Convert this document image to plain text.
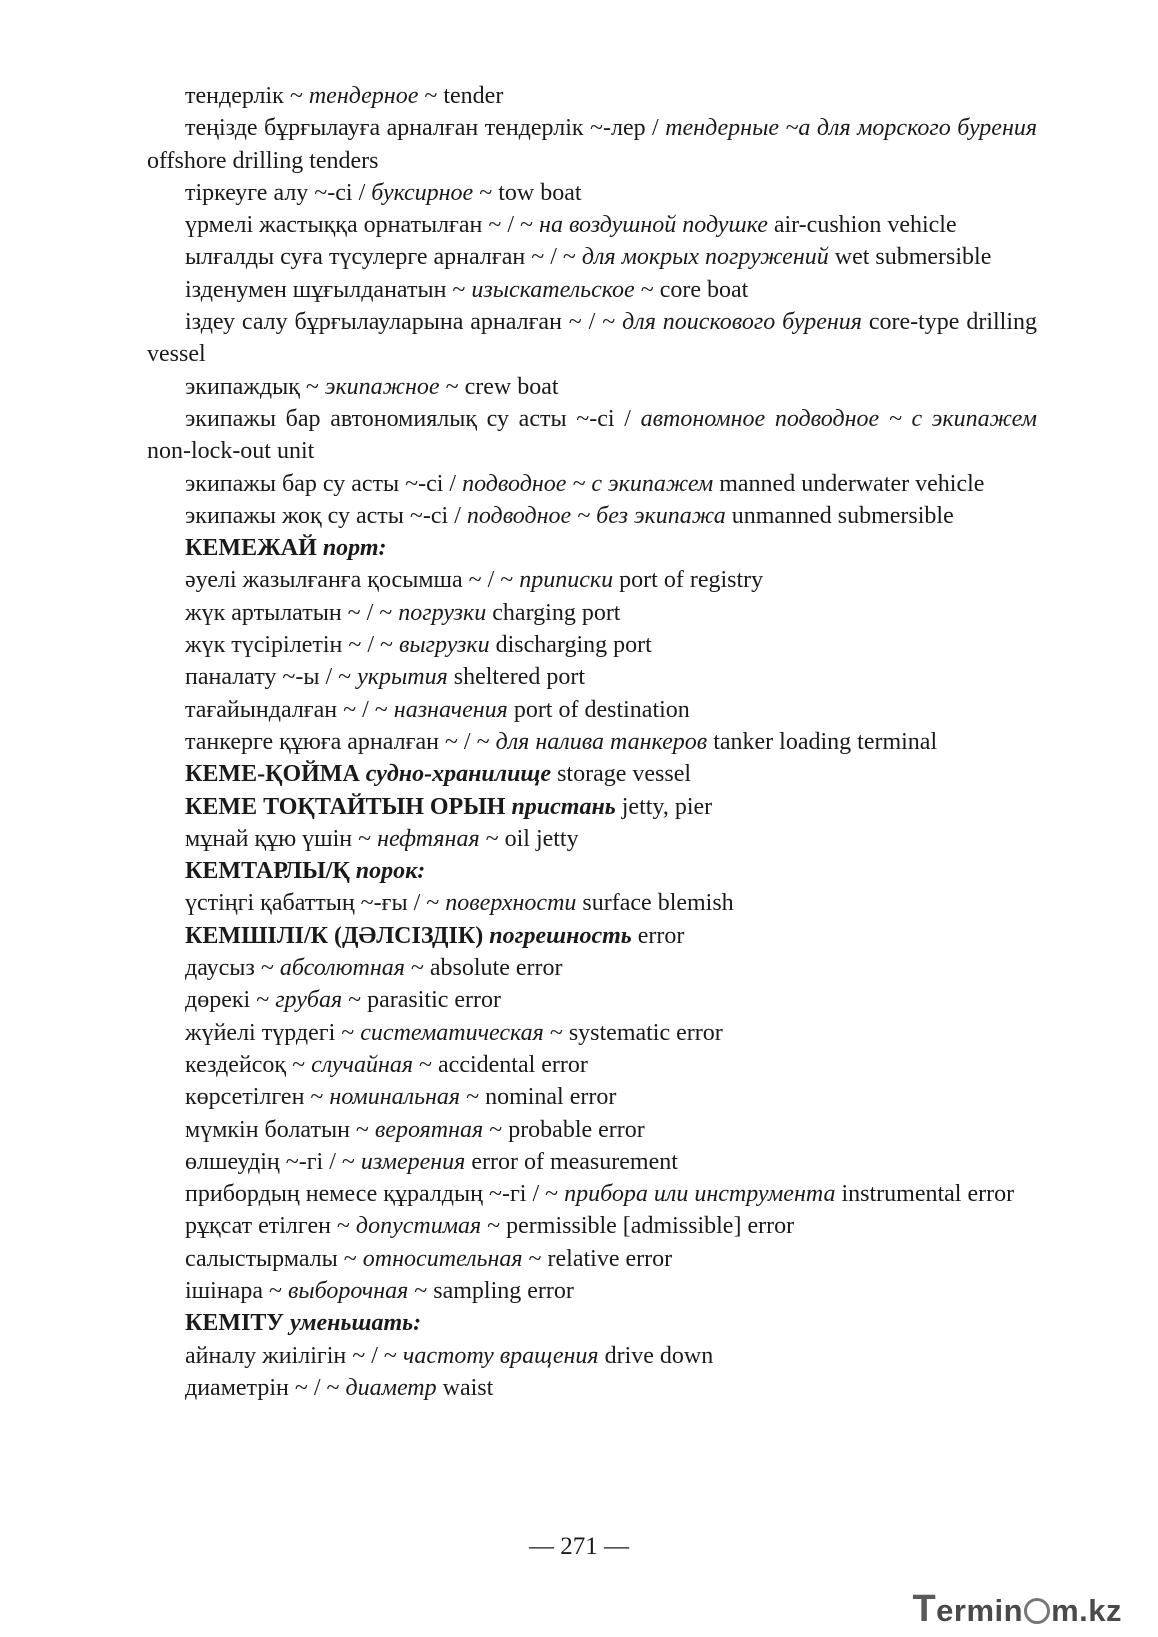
тендерлік ~ тендерное ~ tender

теңізде бұрғылауға арналған тендерлік ~-лер / тендерные ~а для морского бурения offshore drilling tenders

тіркеуге алу ~-сі / буксирное ~ tow boat

үрмелі жастыққа орнатылған ~ / ~ на воздушной подушке air-cushion vehicle

ылғалды суға түсулерге арналған ~ / ~ для мокрых погружений wet submersible

ізденумен шұғылданатын ~ изыскательское ~ core boat

іздеу салу бұрғылауларына арналған ~ / ~ для поискового бурения core-type drilling vessel

экипаждық ~ экипажное ~ crew boat

экипажы бар автономиялық су асты ~-сі / автономное подводное ~ с экипажем non-lock-out unit

экипажы бар су асты ~-сі / подводное ~ с экипажем manned underwater vehicle

экипажы жоқ су асты ~-сі / подводное ~ без экипажа unmanned submersible

КЕМЕЖАЙ порт:

әуелі жазылғанға қосымша ~ / ~ приписки port of registry

жүк артылатын ~ / ~ погрузки charging port

жүк түсірілетін ~ / ~ выгрузки discharging port

паналату ~-ы / ~ укрытия sheltered port

тағайындалған ~ / ~ назначения port of destination

танкерге құюға арналған ~ / ~ для налива танкеров tanker loading terminal

КЕМЕ-ҚОЙМА судно-хранилище storage vessel

КЕМЕ ТОҚТАЙТЫН ОРЫН пристань jetty, pier

мұнай құю үшін ~ нефтяная ~ oil jetty

КЕМТАРЛЫ/Қ порок:

үстіңгі қабаттың ~-ғы / ~ поверхности surface blemish

КЕМШІЛІ/К (ДӘЛСІЗДІК) погрешность error

даусыз ~ абсолютная ~ absolute error

дөрекі ~ грубая ~ parasitic error

жүйелі түрдегі ~ систематическая ~ systematic error

кездейсоқ ~ случайная ~ accidental error

көрсетілген ~ номинальная ~ nominal error

мүмкін болатын ~ вероятная ~ probable error

өлшеудің ~-гі / ~ измерения error of measurement

прибордың немесе құралдың ~-гі / ~ прибора или инструмента instrumental error

рұқсат етілген ~ допустимая ~ permissible [admissible] error

салыстырмалы ~ относительная ~ relative error

ішінара ~ выборочная ~ sampling error

КЕМІТУ уменьшать:

айналу жиілігін ~ / ~ частоту вращения drive down

диаметрін ~ / ~ диаметр waist

— 271 —
Termin m.kz
